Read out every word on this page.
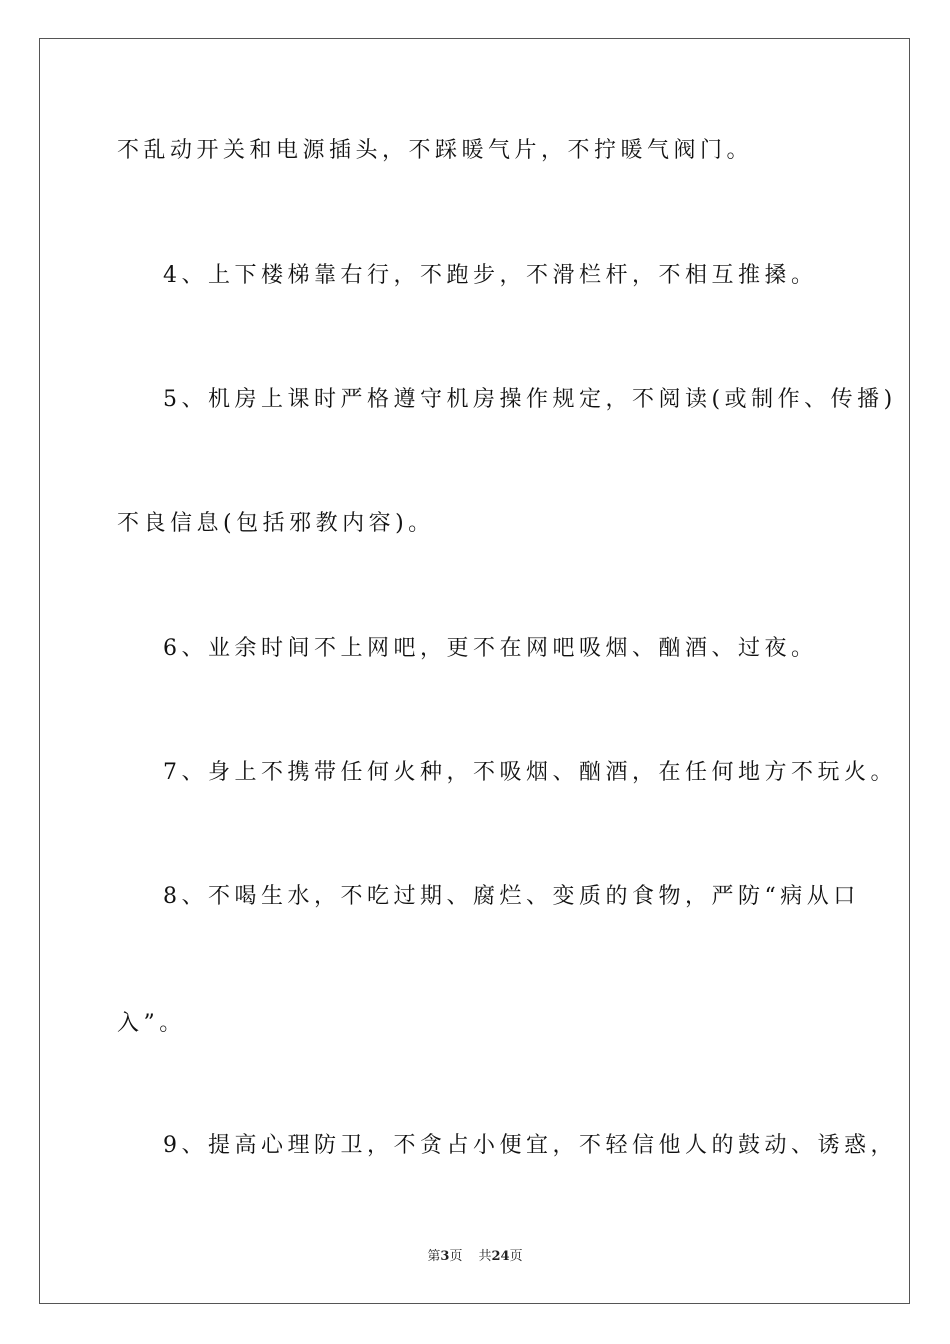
不乱动开关和电源插头，不踩暖气片，不拧暖气阀门。
4、上下楼梯靠右行，不跑步，不滑栏杆，不相互推搡。
5、机房上课时严格遵守机房操作规定，不阅读(或制作、传播)
不良信息(包括邪教内容)。
6、业余时间不上网吧，更不在网吧吸烟、酗酒、过夜。
7、身上不携带任何火种，不吸烟、酗酒，在任何地方不玩火。
8、不喝生水，不吃过期、腐烂、变质的食物，严防“病从口
入”。
9、提高心理防卫，不贪占小便宜，不轻信他人的鼓动、诱惑，
第3页 共24页
